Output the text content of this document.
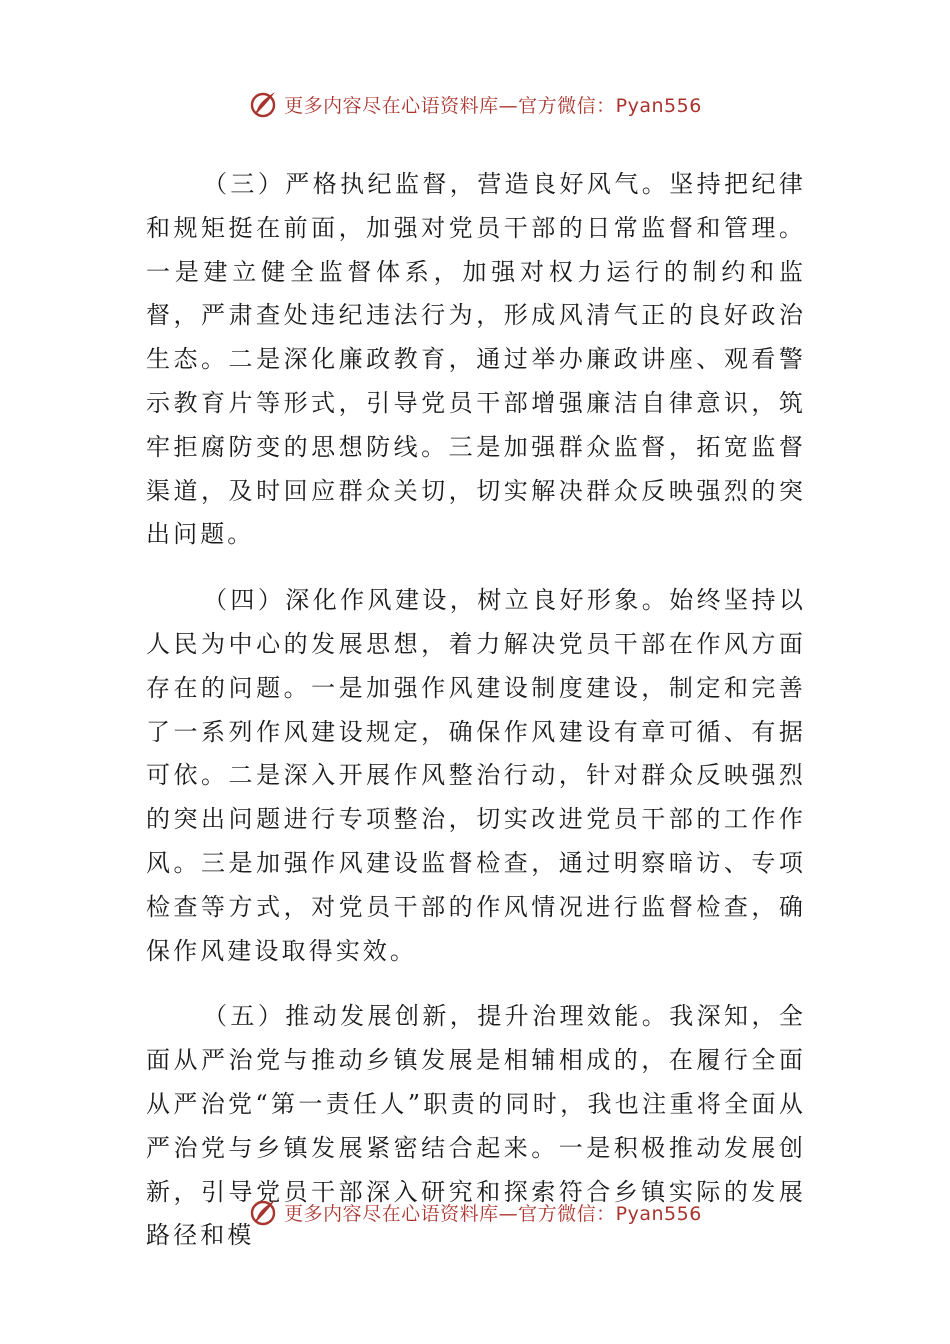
更多内容尽在心语资料库 —官方微信：Pyan556

（三）严格执纪监督，营造良好风气。坚持把纪律和规矩挺在前面，加强对党员干部的日常监督和管理。一是建立健全监督体系，加强对权力运行的制约和监督，严肃查处违纪违法行为，形成风清气正的良好政治生态。二是深化廉政教育，通过举办廉政讲座、观看警示教育片等形式，引导党员干部增强廉洁自律意识，筑牢拒腐防变的思想防线。三是加强群众监督，拓宽监督渠道，及时回应群众关切，切实解决群众反映强烈的突出问题。

（四）深化作风建设，树立良好形象。始终坚持以人民为中心的发展思想，着力解决党员干部在作风方面存在的问题。一是加强作风建设制度建设，制定和完善了一系列作风建设规定，确保作风建设有章可循、有据可依。二是深入开展作风整治行动，针对群众反映强烈的突出问题进行专项整治，切实改进党员干部的工作作风。三是加强作风建设监督检查，通过明察暗访、专项检查等方式，对党员干部的作风情况进行监督检查，确保作风建设取得实效。

（五）推动发展创新，提升治理效能。我深知，全面从严治党与推动乡镇发展是相辅相成的，在履行全面从严治党“第一责任人”职责的同时，我也注重将全面从严治党与乡镇发展紧密结合起来。一是积极推动发展创新，引导党员干部深入研究和探索符合乡镇实际的发展路径和模

更多内容尽在心语资料库 —官方微信：Pyan556
